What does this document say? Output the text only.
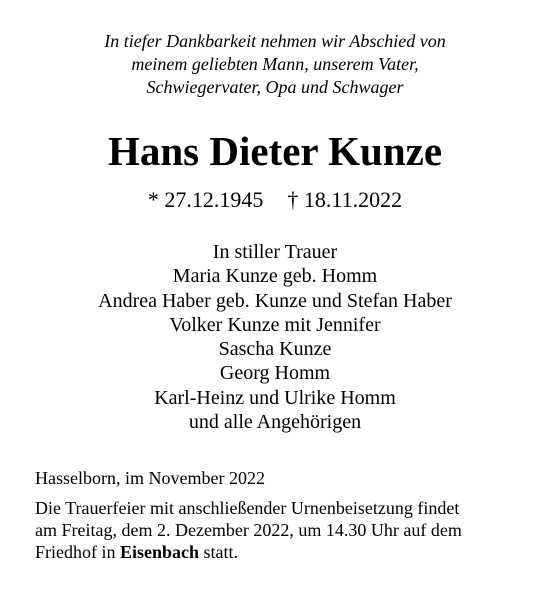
In tiefer Dankbarkeit nehmen wir Abschied von
meinem geliebten Mann, unserem Vater,
Schwiegervater, Opa und Schwager
Hans Dieter Kunze
* 27.12.1945 † 18.11.2022
In stiller Trauer
Maria Kunze geb. Homm
Andrea Haber geb. Kunze und Stefan Haber
Volker Kunze mit Jennifer
Sascha Kunze
Georg Homm
Karl-Heinz und Ulrike Homm
und alle Angehörigen
Hasselborn, im November 2022
Die Trauerfeier mit anschließender Urnenbeisetzung findet
am Freitag, dem 2. Dezember 2022, um 14.30 Uhr auf dem
Friedhof in Eisenbach statt.
